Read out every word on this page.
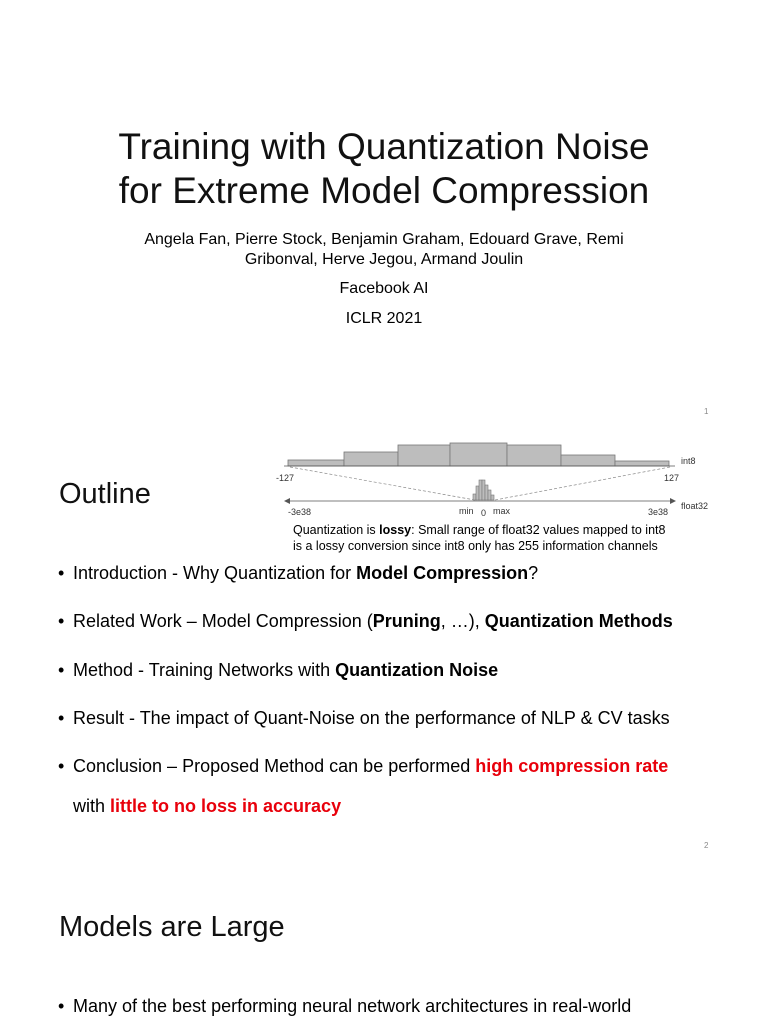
Training with Quantization Noise
for Extreme Model Compression
Angela Fan, Pierre Stock, Benjamin Graham, Edouard Grave, Remi
Gribonval, Herve Jegou, Armand Joulin
Facebook AI
ICLR 2021
1
Outline
int8
-127	127
float32
-3e38	3e38
min 0 max
Quantization is lossy: Small range of float32 values mapped to int8
is a lossy conversion since int8 only has 255 information channels
• Introduction - Why Quantization for Model Compression?
• Related Work – Model Compression (Pruning, …), Quantization Methods
• Method - Training Networks with Quantization Noise
• Result - The impact of Quant-Noise on the performance of NLP & CV tasks
• Conclusion – Proposed Method can be performed high compression rate
with little to no loss in accuracy
2
Models are Large
• Many of the best performing neural network architectures in real-world
